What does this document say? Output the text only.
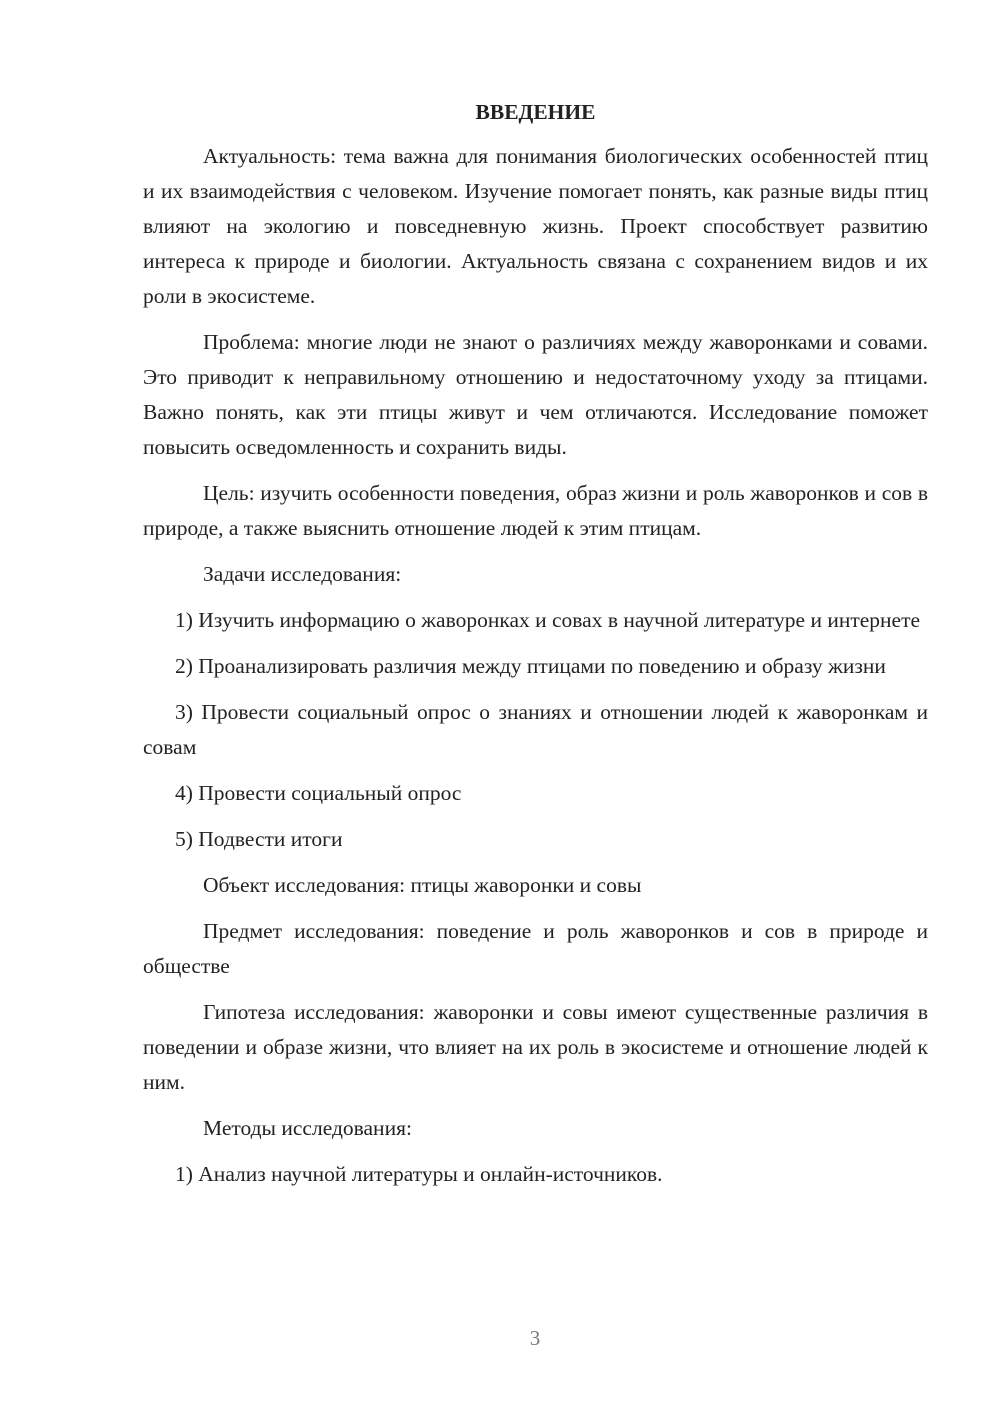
ВВЕДЕНИЕ

Актуальность: тема важна для понимания биологических особенностей птиц и их взаимодействия с человеком. Изучение помогает понять, как разные виды птиц влияют на экологию и повседневную жизнь. Проект способствует развитию интереса к природе и биологии. Актуальность связана с сохранением видов и их роли в экосистеме.

Проблема: многие люди не знают о различиях между жаворонками и совами. Это приводит к неправильному отношению и недостаточному уходу за птицами. Важно понять, как эти птицы живут и чем отличаются. Исследование поможет повысить осведомленность и сохранить виды.

Цель: изучить особенности поведения, образ жизни и роль жаворонков и сов в природе, а также выяснить отношение людей к этим птицам.

Задачи исследования:

1) Изучить информацию о жаворонках и совах в научной литературе и интернете

2) Проанализировать различия между птицами по поведению и образу жизни

3) Провести социальный опрос о знаниях и отношении людей к жаворонкам и совам

4) Провести социальный опрос

5) Подвести итоги

Объект исследования: птицы жаворонки и совы

Предмет исследования: поведение и роль жаворонков и сов в природе и обществе

Гипотеза исследования: жаворонки и совы имеют существенные различия в поведении и образе жизни, что влияет на их роль в экосистеме и отношение людей к ним.

Методы исследования:

1) Анализ научной литературы и онлайн-источников.

3
